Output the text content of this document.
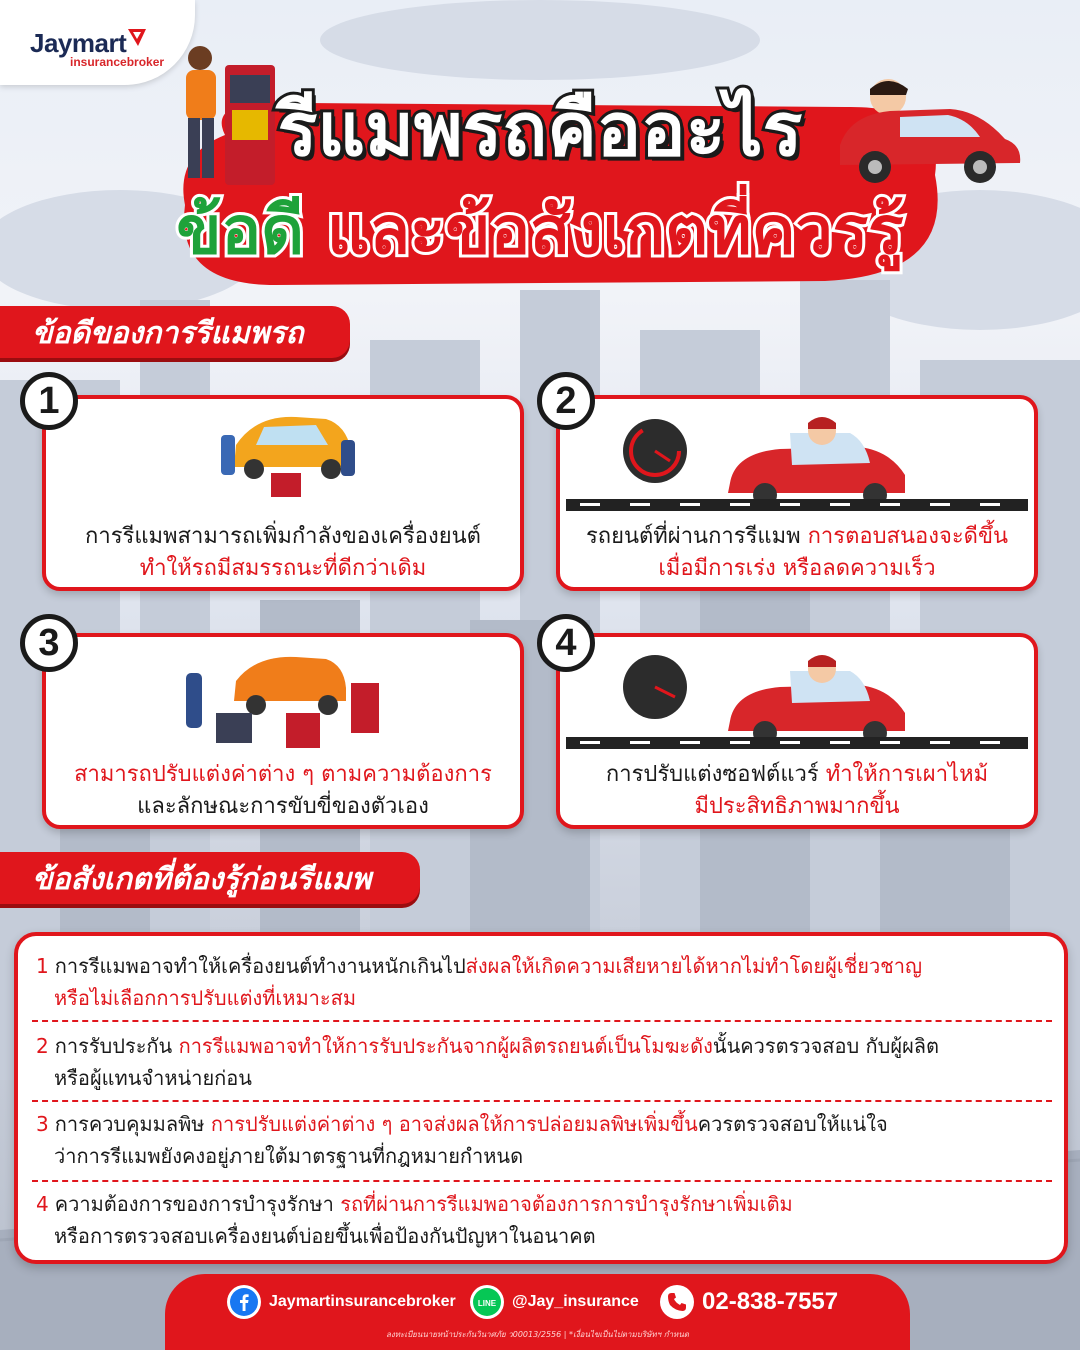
Jaymart
insurancebroker
รีแมพรถคืออะไร
ข้อดี และข้อสังเกตที่ควรรู้
ข้อดีของการรีแมพรถ
การรีแมพสามารถเพิ่มกำลังของเครื่องยนต์
ทำให้รถมีสมรรถนะที่ดีกว่าเดิม
รถยนต์ที่ผ่านการรีแมพ การตอบสนองจะดีขึ้น
เมื่อมีการเร่ง หรือลดความเร็ว
สามารถปรับแต่งค่าต่าง ๆ ตามความต้องการ
และลักษณะการขับขี่ของตัวเอง
การปรับแต่งซอฟต์แวร์ ทำให้การเผาไหม้
มีประสิทธิภาพมากขึ้น
1	2
3	4
ข้อสังเกตที่ต้องรู้ก่อนรีแมพ
1 การรีแมพอาจทำให้เครื่องยนต์ทำงานหนักเกินไปส่งผลให้เกิดความเสียหายได้หากไม่ทำโดยผู้เชี่ยวชาญ
หรือไม่เลือกการปรับแต่งที่เหมาะสม
2 การรับประกัน การรีแมพอาจทำให้การรับประกันจากผู้ผลิตรถยนต์เป็นโมฆะดังนั้นควรตรวจสอบ กับผู้ผลิต
หรือผู้แทนจำหน่ายก่อน
3 การควบคุมมลพิษ การปรับแต่งค่าต่าง ๆ อาจส่งผลให้การปล่อยมลพิษเพิ่มขึ้นควรตรวจสอบให้แน่ใจ
ว่าการรีแมพยังคงอยู่ภายใต้มาตรฐานที่กฎหมายกำหนด
4 ความต้องการของการบำรุงรักษา รถที่ผ่านการรีแมพอาจต้องการการบำรุงรักษาเพิ่มเติม
หรือการตรวจสอบเครื่องยนต์บ่อยขึ้นเพื่อป้องกันปัญหาในอนาคต
Jaymartinsurancebroker	LINE @Jay_insurance	02-838-7557
ลงทะเบียนนายหน้าประกันวินาศภัย ว00013/2556 | *เงื่อนไขเป็นไปตามบริษัทฯ กำหนด
